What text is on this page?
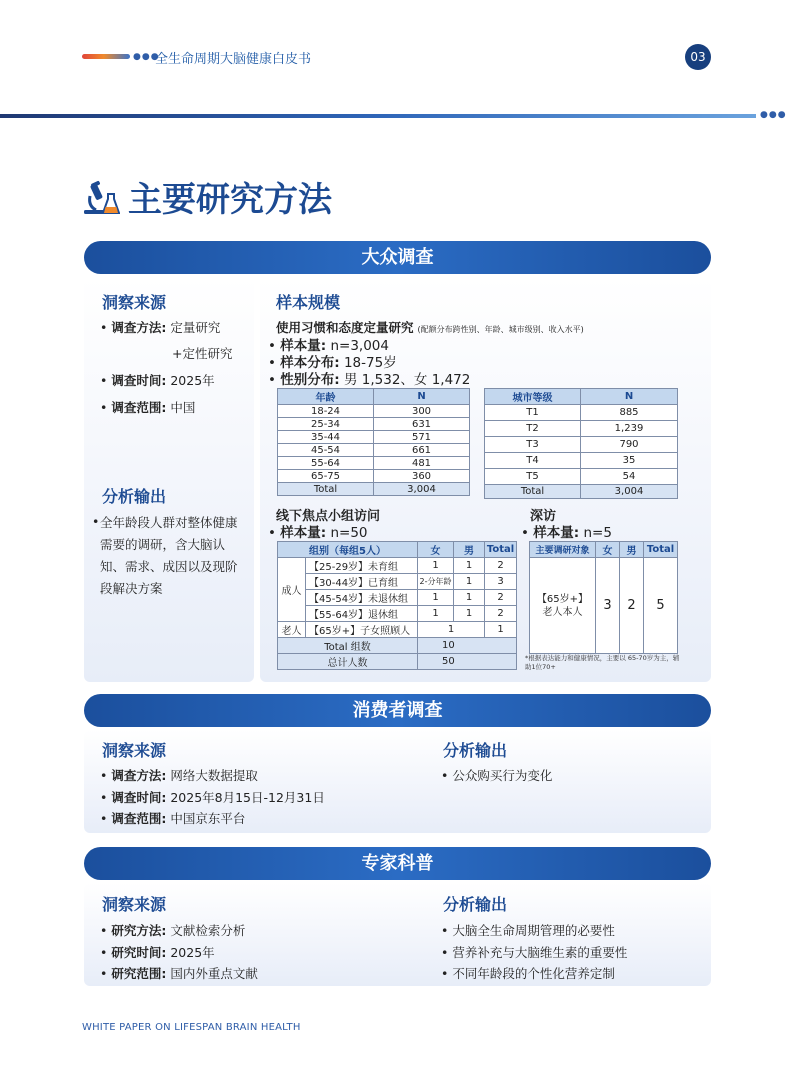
●●●
全生命周期大脑健康白皮书	03
●●●
主要研究方法
大众调查
洞察来源
• 调查方法: 定量研究
+定性研究
• 调查时间: 2025年
• 调查范围: 中国
分析输出
• 全年龄段人群对整体健康需要的调研，含大脑认知、需求、成因以及现阶段解决方案
样本规模
使用习惯和态度定量研究 (配额分布跨性别、年龄、城市级别、收入水平)
• 样本量: n=3,004
• 样本分布: 18-75岁
• 性别分布: 男 1,532、女 1,472
年龄	N
18-24	300
25-34	631
35-44	571
45-54	661
55-64	481
65-75	360
Total	3,004
城市等级	N
T1	885
T2	1,239
T3	790
T4	35
T5	54
Total	3,004
线下焦点小组访问
• 样本量: n=50
组别（每组5人）		女	男	Total
成人	【25-29岁】未育组	1	1	2
	【30-44岁】已育组	2-分年龄	1	3
	【45-54岁】未退休组	1	1	2
	【55-64岁】退休组	1	1	2
老人	【65岁+】子女照顾人	1		1
Total 组数		10		
总计人数		50		
深访
• 样本量: n=5
主要调研对象	女	男	Total
【65岁+】
老人本人	3	2	5
*根据表达能力和健康情况，主要以 65-70岁为主，辅助1位70+
消费者调查
洞察来源
• 调查方法: 网络大数据提取
• 调查时间: 2025年8月15日-12月31日
• 调查范围: 中国京东平台
分析输出
• 公众购买行为变化
专家科普
洞察来源
• 研究方法: 文献检索分析
• 研究时间: 2025年
• 研究范围: 国内外重点文献
分析输出
• 大脑全生命周期管理的必要性
• 营养补充与大脑维生素的重要性
• 不同年龄段的个性化营养定制
WHITE PAPER ON LIFESPAN BRAIN HEALTH
